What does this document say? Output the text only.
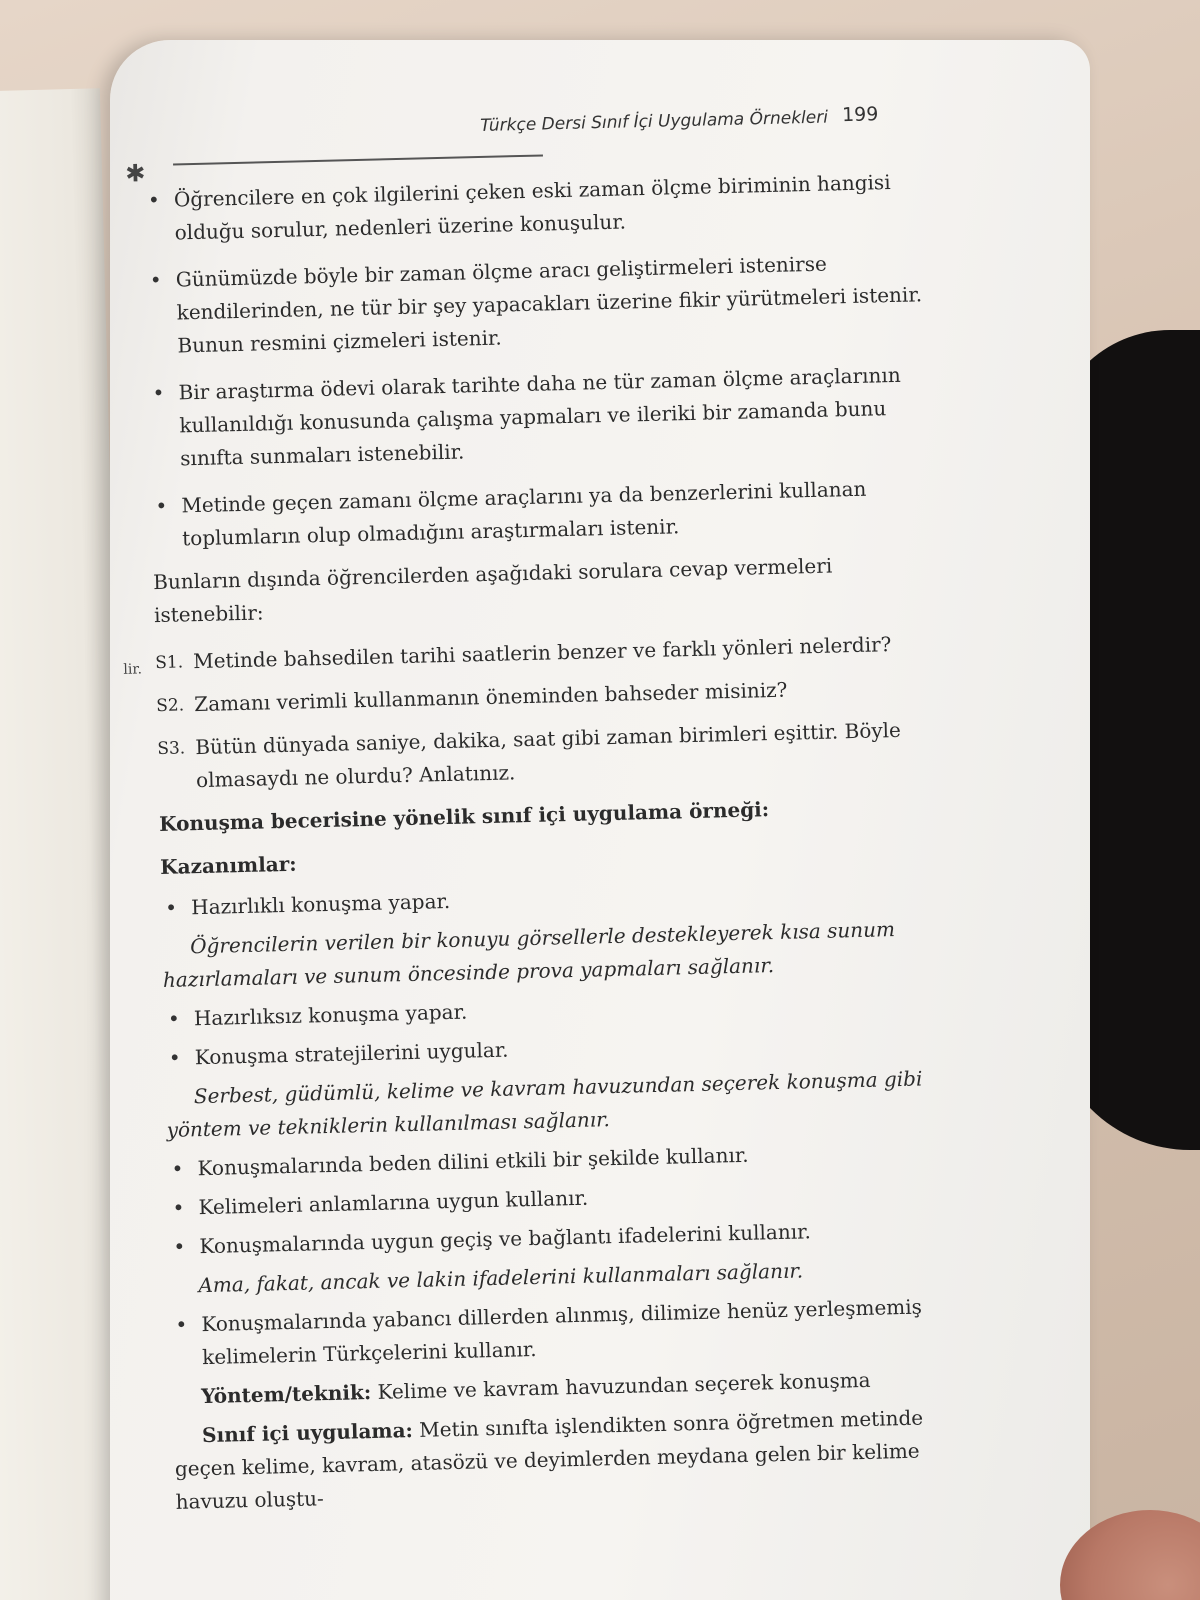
Türkçe Dersi Sınıf İçi Uygulama Örnekleri 199
✱
lir.

• Öğrencilere en çok ilgilerini çeken eski zaman ölçme biriminin hangisi olduğu sorulur, nedenleri üzerine konuşulur.

• Günümüzde böyle bir zaman ölçme aracı geliştirmeleri istenirse kendilerinden, ne tür bir şey yapacakları üzerine fikir yürütmeleri istenir. Bunun resmini çizmeleri istenir.

• Bir araştırma ödevi olarak tarihte daha ne tür zaman ölçme araçlarının kullanıldığı konusunda çalışma yapmaları ve ileriki bir zamanda bunu sınıfta sunmaları istenebilir.

• Metinde geçen zamanı ölçme araçlarını ya da benzerlerini kullanan toplumların olup olmadığını araştırmaları istenir.

Bunların dışında öğrencilerden aşağıdaki sorulara cevap vermeleri istenebilir:

S1. Metinde bahsedilen tarihi saatlerin benzer ve farklı yönleri nelerdir?
S2. Zamanı verimli kullanmanın öneminden bahseder misiniz?
S3. Bütün dünyada saniye, dakika, saat gibi zaman birimleri eşittir. Böyle olmasaydı ne olurdu? Anlatınız.

Konuşma becerisine yönelik sınıf içi uygulama örneği:

Kazanımlar:

• Hazırlıklı konuşma yapar.

Öğrencilerin verilen bir konuyu görsellerle destekleyerek kısa sunum hazırlamaları ve sunum öncesinde prova yapmaları sağlanır.

• Hazırlıksız konuşma yapar.

• Konuşma stratejilerini uygular.

Serbest, güdümlü, kelime ve kavram havuzundan seçerek konuşma gibi yöntem ve tekniklerin kullanılması sağlanır.

• Konuşmalarında beden dilini etkili bir şekilde kullanır.

• Kelimeleri anlamlarına uygun kullanır.

• Konuşmalarında uygun geçiş ve bağlantı ifadelerini kullanır.

Ama, fakat, ancak ve lakin ifadelerini kullanmaları sağlanır.

• Konuşmalarında yabancı dillerden alınmış, dilimize henüz yerleşmemiş kelimelerin Türkçelerini kullanır.

Yöntem/teknik: Kelime ve kavram havuzundan seçerek konuşma

Sınıf içi uygulama: Metin sınıfta işlendikten sonra öğretmen metinde geçen kelime, kavram, atasözü ve deyimlerden meydana gelen bir kelime havuzu oluştu-
